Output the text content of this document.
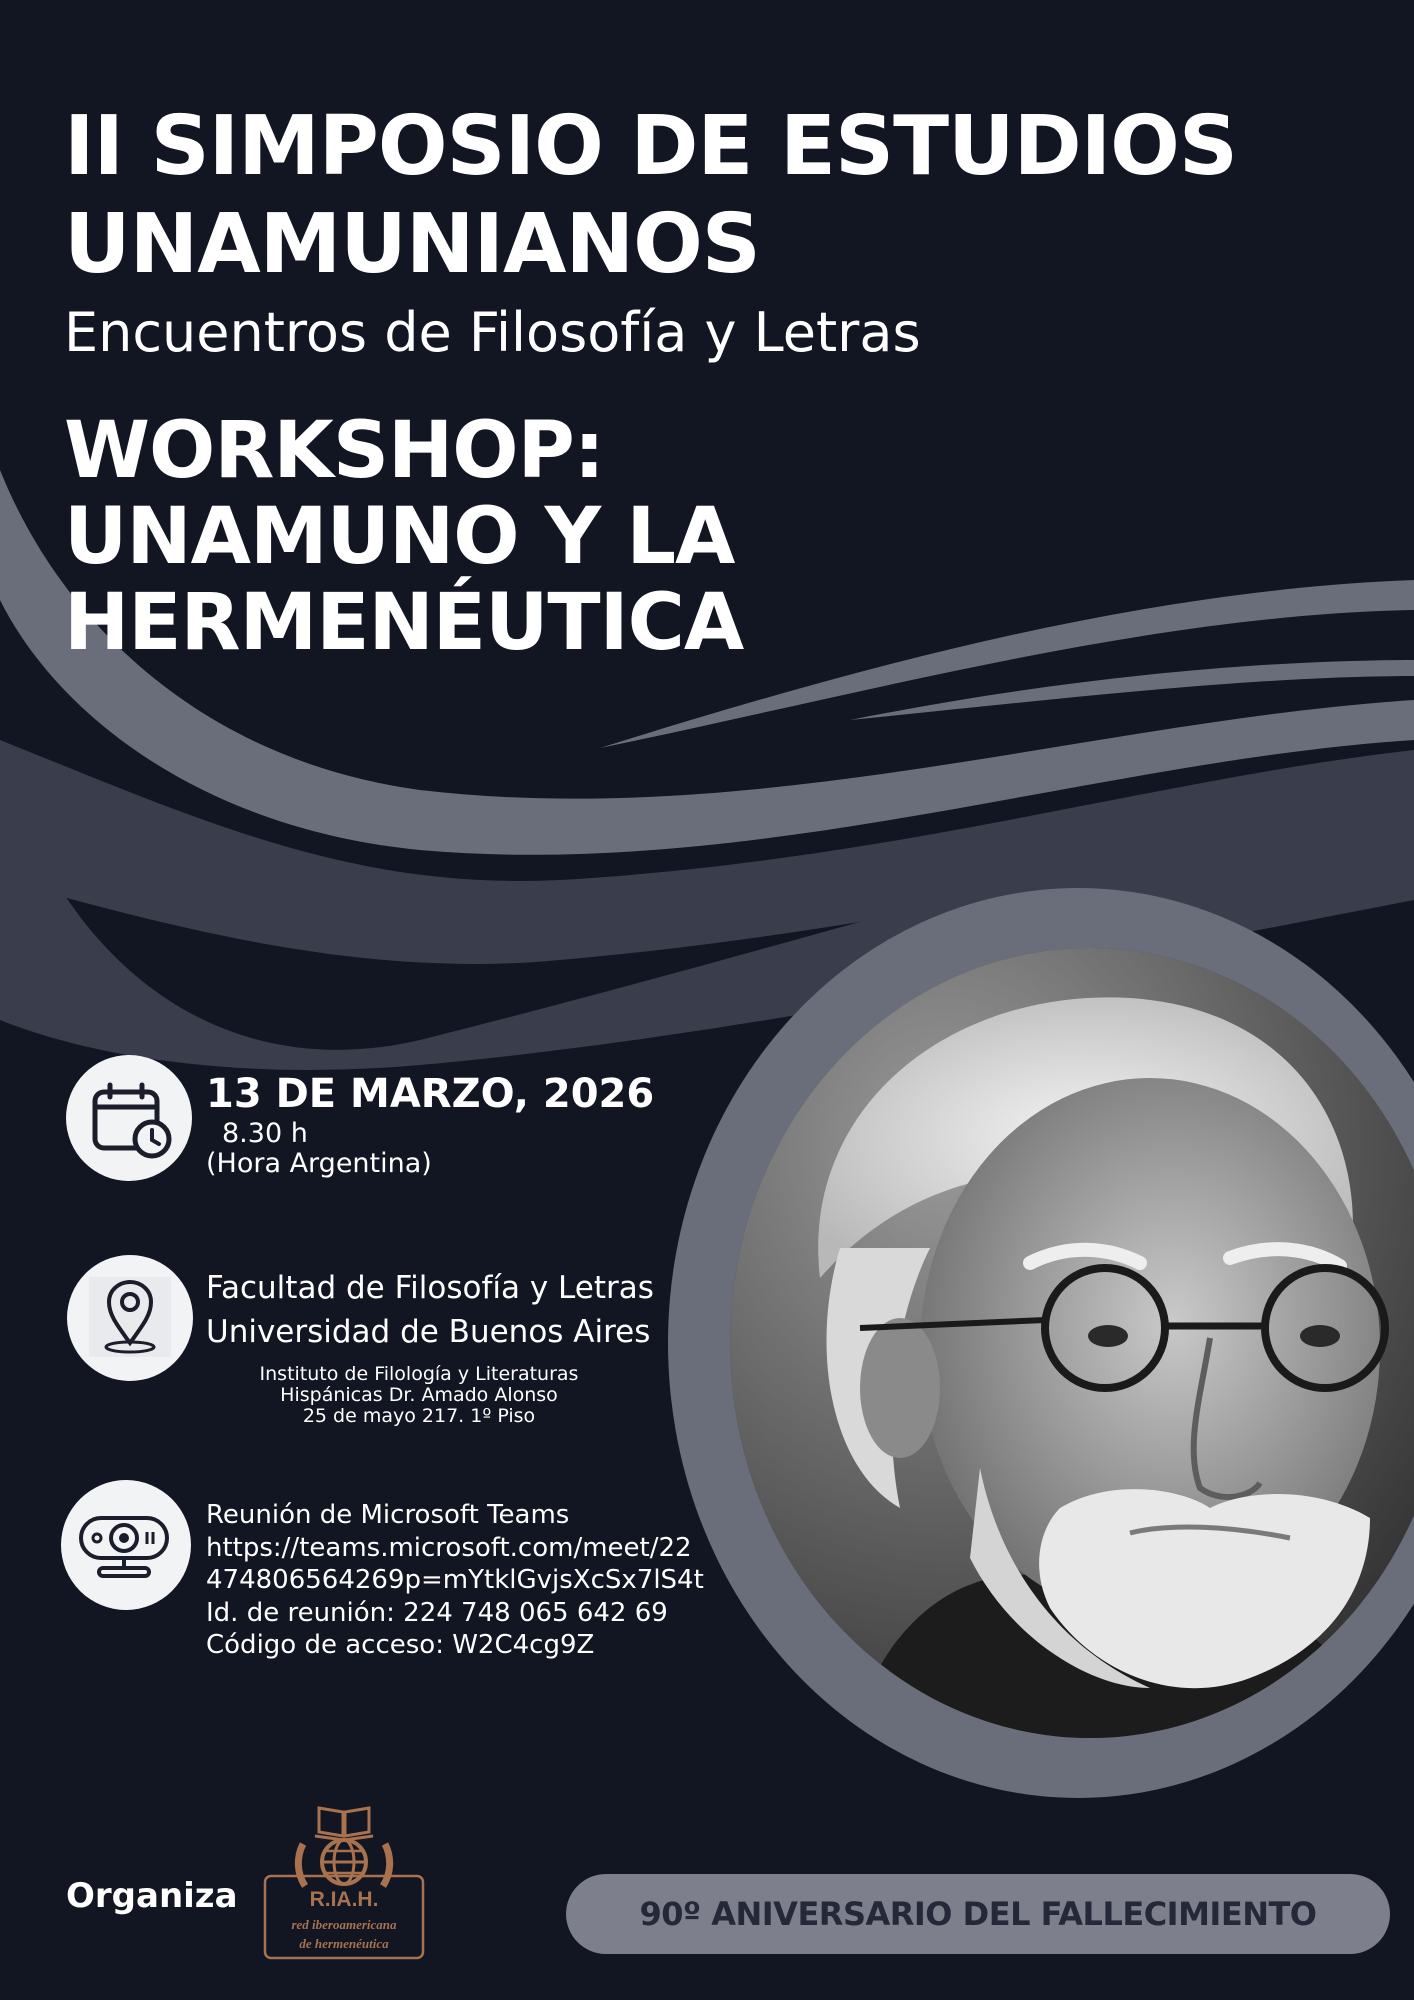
II SIMPOSIO DE ESTUDIOS
UNAMUNIANOS
Encuentros de Filosofía y Letras
WORKSHOP:
UNAMUNO Y LA HERMENÉUTICA
13 DE MARZO, 2026
8.30 h
(Hora Argentina)
Facultad de Filosofía y Letras
Universidad de Buenos Aires
Instituto de Filología y Literaturas
Hispánicas Dr. Amado Alonso
25 de mayo 217. 1º Piso
Reunión de Microsoft Teams
https://teams.microsoft.com/meet/22
474806564269p=mYtklGvjsXcSx7lS4t
Id. de reunión: 224 748 065 642 69
Código de acceso: W2C4cg9Z
Organiza	R.IA.H.
red iberoamericana
de hermenéutica
90º ANIVERSARIO DEL FALLECIMIENTO
